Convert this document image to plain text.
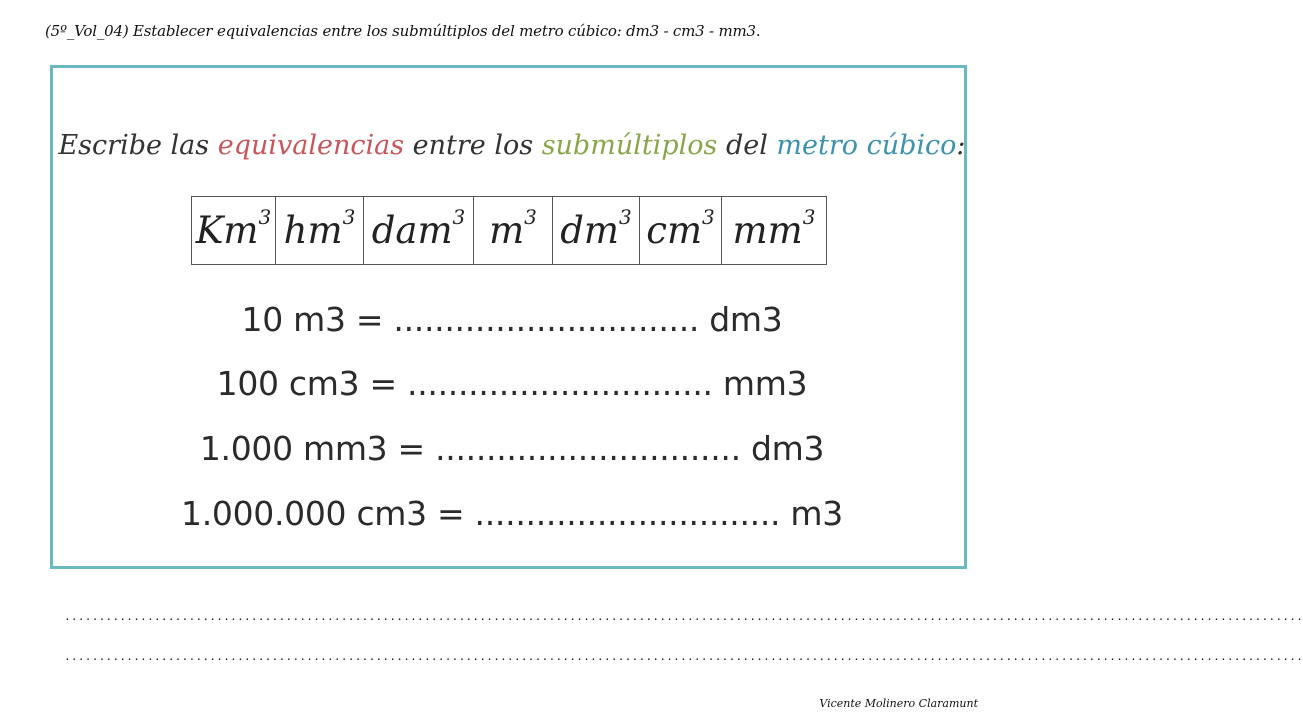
(5º_Vol_04) Establecer equivalencias entre los submúltiplos del metro cúbico: dm3 - cm3 - mm3.
Escribe las equivalencias entre los submúltiplos del metro cúbico:
Km$^3$	$hm^3$	dam$^3$	$m^3$	$dm^3$	$cm^3$	$mm^3$
10 m3 = .............................. dm3
100 cm3 = .............................. mm3
1.000 mm3 = .............................. dm3
1.000.000 cm3 = .............................. m3
...................................................................................................................................................................................
...................................................................................................................................................................................
Vicente Molinero Claramunt
